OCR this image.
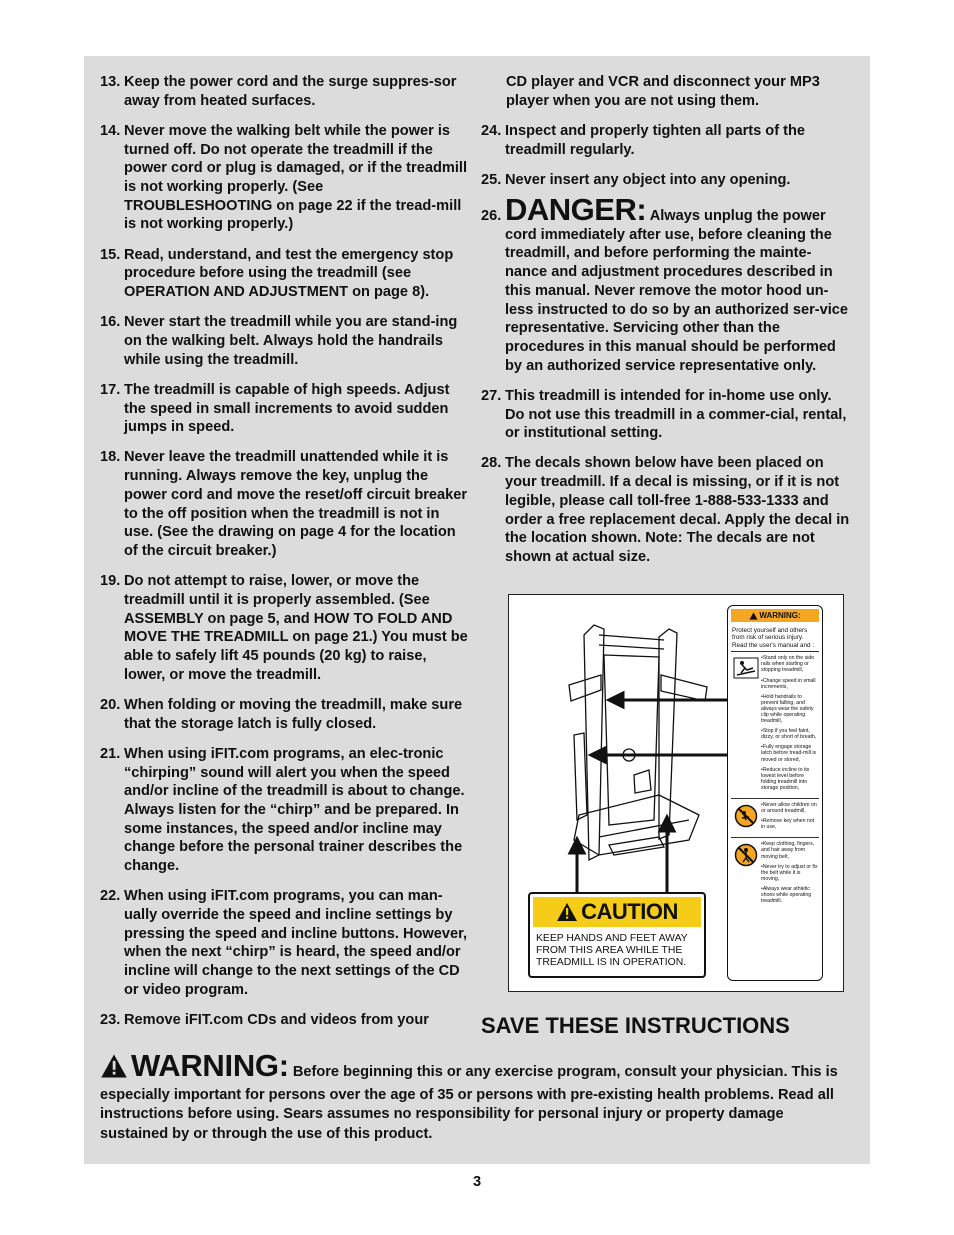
13. Keep the power cord and the surge suppres-sor away from heated surfaces.
14. Never move the walking belt while the power is turned off. Do not operate the treadmill if the power cord or plug is damaged, or if the treadmill is not working properly. (See TROUBLESHOOTING on page 22 if the tread-mill is not working properly.)
15. Read, understand, and test the emergency stop procedure before using the treadmill (see OPERATION AND ADJUSTMENT on page 8).
16. Never start the treadmill while you are stand-ing on the walking belt. Always hold the handrails while using the treadmill.
17. The treadmill is capable of high speeds. Adjust the speed in small increments to avoid sudden jumps in speed.
18. Never leave the treadmill unattended while it is running. Always remove the key, unplug the power cord and move the reset/off circuit breaker to the off position when the treadmill is not in use. (See the drawing on page 4 for the location of the circuit breaker.)
19. Do not attempt to raise, lower, or move the treadmill until it is properly assembled. (See ASSEMBLY on page 5, and HOW TO FOLD AND MOVE THE TREADMILL on page 21.) You must be able to safely lift 45 pounds (20 kg) to raise, lower, or move the treadmill.
20. When folding or moving the treadmill, make sure that the storage latch is fully closed.
21. When using iFIT.com programs, an elec-tronic “chirping” sound will alert you when the speed and/or incline of the treadmill is about to change. Always listen for the “chirp” and be prepared. In some instances, the speed and/or incline may change before the personal trainer describes the change.
22. When using iFIT.com programs, you can man-ually override the speed and incline settings by pressing the speed and incline buttons. However, when the next “chirp” is heard, the speed and/or incline will change to the next settings of the CD or video program.
23. Remove iFIT.com CDs and videos from your
CD player and VCR and disconnect your MP3 player when you are not using them.
24. Inspect and properly tighten all parts of the treadmill regularly.
25. Never insert any object into any opening.
26. DANGER: Always unplug the power cord immediately after use, before cleaning the treadmill, and before performing the mainte-nance and adjustment procedures described in this manual. Never remove the motor hood un-less instructed to do so by an authorized ser-vice representative. Servicing other than the procedures in this manual should be performed by an authorized service representative only.
27. This treadmill is intended for in-home use only. Do not use this treadmill in a commer-cial, rental, or institutional setting.
28. The decals shown below have been placed on your treadmill. If a decal is missing, or if it is not legible, please call toll-free 1-888-533-1333 and order a free replacement decal. Apply the decal in the location shown. Note: The decals are not shown at actual size.
CAUTION
KEEP HANDS AND FEET AWAY FROM THIS AREA WHILE THE TREADMILL IS IN OPERATION.
WARNING:
Protect yourself and others from risk of serious injury. Read the user's manual and :
•Stand only on the side rails when starting or stopping treadmill,
•Change speed in small increments,
•Hold handrails to prevent falling, and always wear the safety clip while operating treadmill,
•Stop if you feel faint, dizzy, or short of breath,
•Fully engage storage latch before tread-mill is moved or stored,
•Reduce incline to its lowest level before folding treadmill into storage position,
•Never allow children on or around treadmill,
•Remove key when not in use,
•Keep clothing, fingers, and hair away from moving belt,
•Never try to adjust or fix the belt while it is moving,
•Always wear athletic shoes while operating treadmill.
SAVE THESE INSTRUCTIONS
WARNING: Before beginning this or any exercise program, consult your physician. This is especially important for persons over the age of 35 or persons with pre-existing health problems. Read all instructions before using. Sears assumes no responsibility for personal injury or property damage sustained by or through the use of this product.
3
